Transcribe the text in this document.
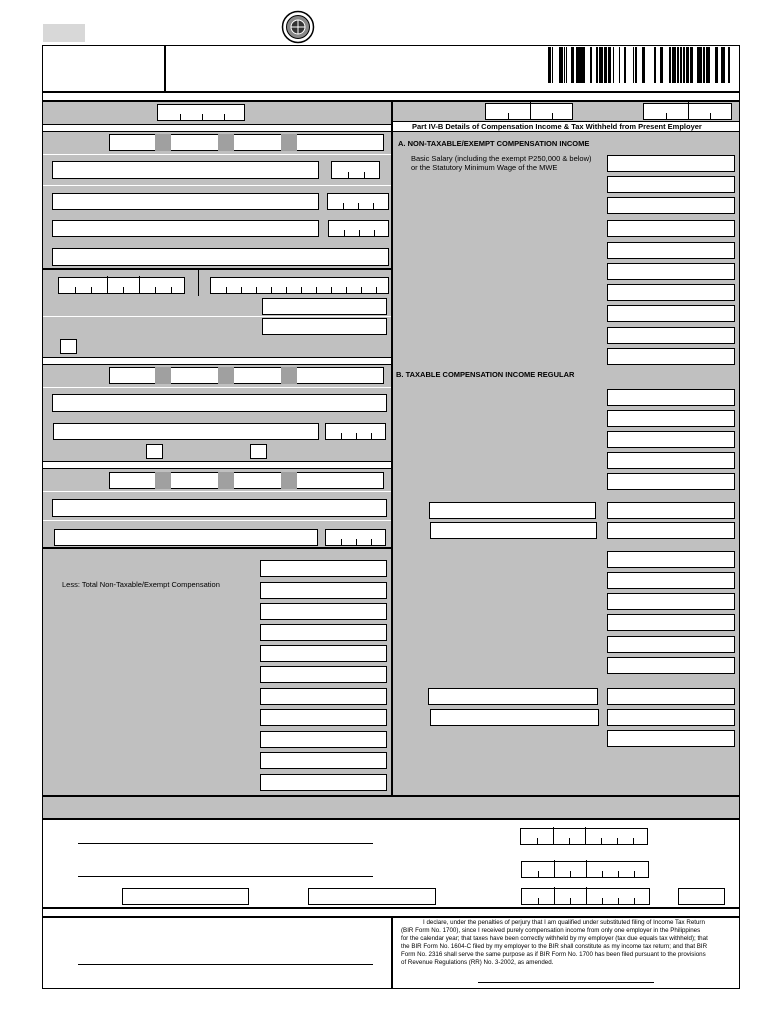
Less: Total Non-Taxable/Exempt Compensation
Part IV-B Details of Compensation Income & Tax Withheld from Present Employer
A. NON-TAXABLE/EXEMPT COMPENSATION INCOME
Basic Salary (including the exempt P250,000 & below)
or the Statutory Minimum Wage of the MWE
B. TAXABLE COMPENSATION INCOME REGULAR
I declare, under the penalties of perjury that I am qualified under substituted filing of Income Tax Return
(BIR Form No. 1700), since I received purely compensation income from only one employer in the Philippines
for the calendar year; that taxes have been correctly withheld by my employer (tax due equals tax withheld); that
the BIR Form No. 1604-C filed by my employer to the BIR shall constitute as my income tax return; and that BIR
Form No. 2316 shall serve the same purpose as if BIR Form No. 1700 has been filed pursuant to the provisions
of Revenue Regulations (RR) No. 3-2002, as amended.
